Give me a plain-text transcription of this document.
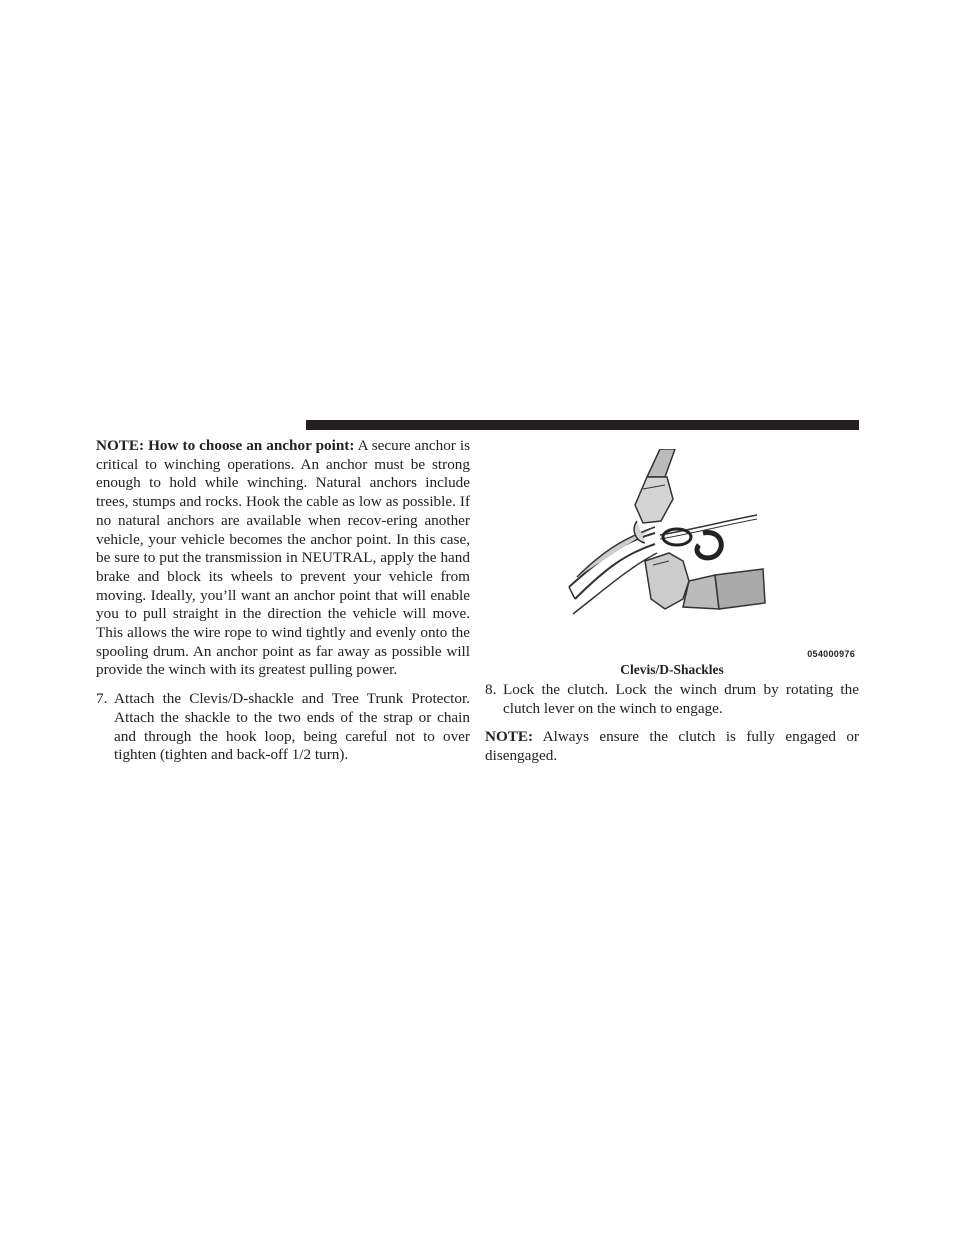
NOTE: How to choose an anchor point: A secure anchor is critical to winching operations. An anchor must be strong enough to hold while winching. Natural anchors include trees, stumps and rocks. Hook the cable as low as possible. If no natural anchors are available when recov-ering another vehicle, your vehicle becomes the anchor point. In this case, be sure to put the transmission in NEUTRAL, apply the hand brake and block its wheels to prevent your vehicle from moving. Ideally, you’ll want an anchor point that will enable you to pull straight in the direction the vehicle will move. This allows the wire rope to wind tightly and evenly onto the spooling drum. An anchor point as far away as possible will provide the winch with its greatest pulling power.

7. Attach the Clevis/D-shackle and Tree Trunk Protector. Attach the shackle to the two ends of the strap or chain and through the hook loop, being careful not to over tighten (tighten and back-off 1/2 turn).
054000976
Clevis/D-Shackles
8. Lock the clutch. Lock the winch drum by rotating the clutch lever on the winch to engage.

NOTE: Always ensure the clutch is fully engaged or disengaged.
